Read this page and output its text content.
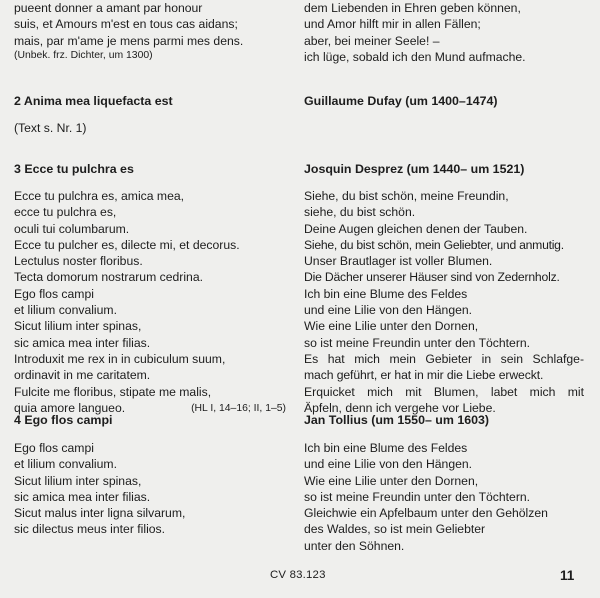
pueent donner a amant par honour
suis, et Amours m'est en tous cas aidans;
mais, par m'ame je mens parmi mes dens.
(Unbek. frz. Dichter, um 1300)
2 Anima mea liquefacta est
(Text s. Nr. 1)
3 Ecce tu pulchra es
Ecce tu pulchra es, amica mea,
ecce tu pulchra es,
oculi tui columbarum.
Ecce tu pulcher es, dilecte mi, et decorus.
Lectulus noster floribus.
Tecta domorum nostrarum cedrina.
Ego flos campi
et lilium convalium.
Sicut lilium inter spinas,
sic amica mea inter filias.
Introduxit me rex in in cubiculum suum,
ordinavit in me caritatem.
Fulcite me floribus, stipate me malis,
quia amore langueo.	(HL I, 14–16; II, 1–5)
4 Ego flos campi
Ego flos campi
et lilium convalium.
Sicut lilium inter spinas,
sic amica mea inter filias.
Sicut malus inter ligna silvarum,
sic dilectus meus inter filios.
dem Liebenden in Ehren geben können,
und Amor hilft mir in allen Fällen;
aber, bei meiner Seele! –
ich lüge, sobald ich den Mund aufmache.
Guillaume Dufay (um 1400–1474)
Josquin Desprez (um 1440– um 1521)
Siehe, du bist schön, meine Freundin,
siehe, du bist schön.
Deine Augen gleichen denen der Tauben.
Siehe, du bist schön, mein Geliebter, und anmutig.
Unser Brautlager ist voller Blumen.
Die Dächer unserer Häuser sind von Zedernholz.
Ich bin eine Blume des Feldes
und eine Lilie von den Hängen.
Wie eine Lilie unter den Dornen,
so ist meine Freundin unter den Töchtern.
Es hat mich mein Gebieter in sein Schlafge-
mach geführt, er hat in mir die Liebe erweckt.
Erquicket mich mit Blumen, labet mich mit
Äpfeln, denn ich vergehe vor Liebe.
Jan Tollius (um 1550– um 1603)
Ich bin eine Blume des Feldes
und eine Lilie von den Hängen.
Wie eine Lilie unter den Dornen,
so ist meine Freundin unter den Töchtern.
Gleichwie ein Apfelbaum unter den Gehölzen
des Waldes, so ist mein Geliebter
unter den Söhnen.
CV 83.123	11
